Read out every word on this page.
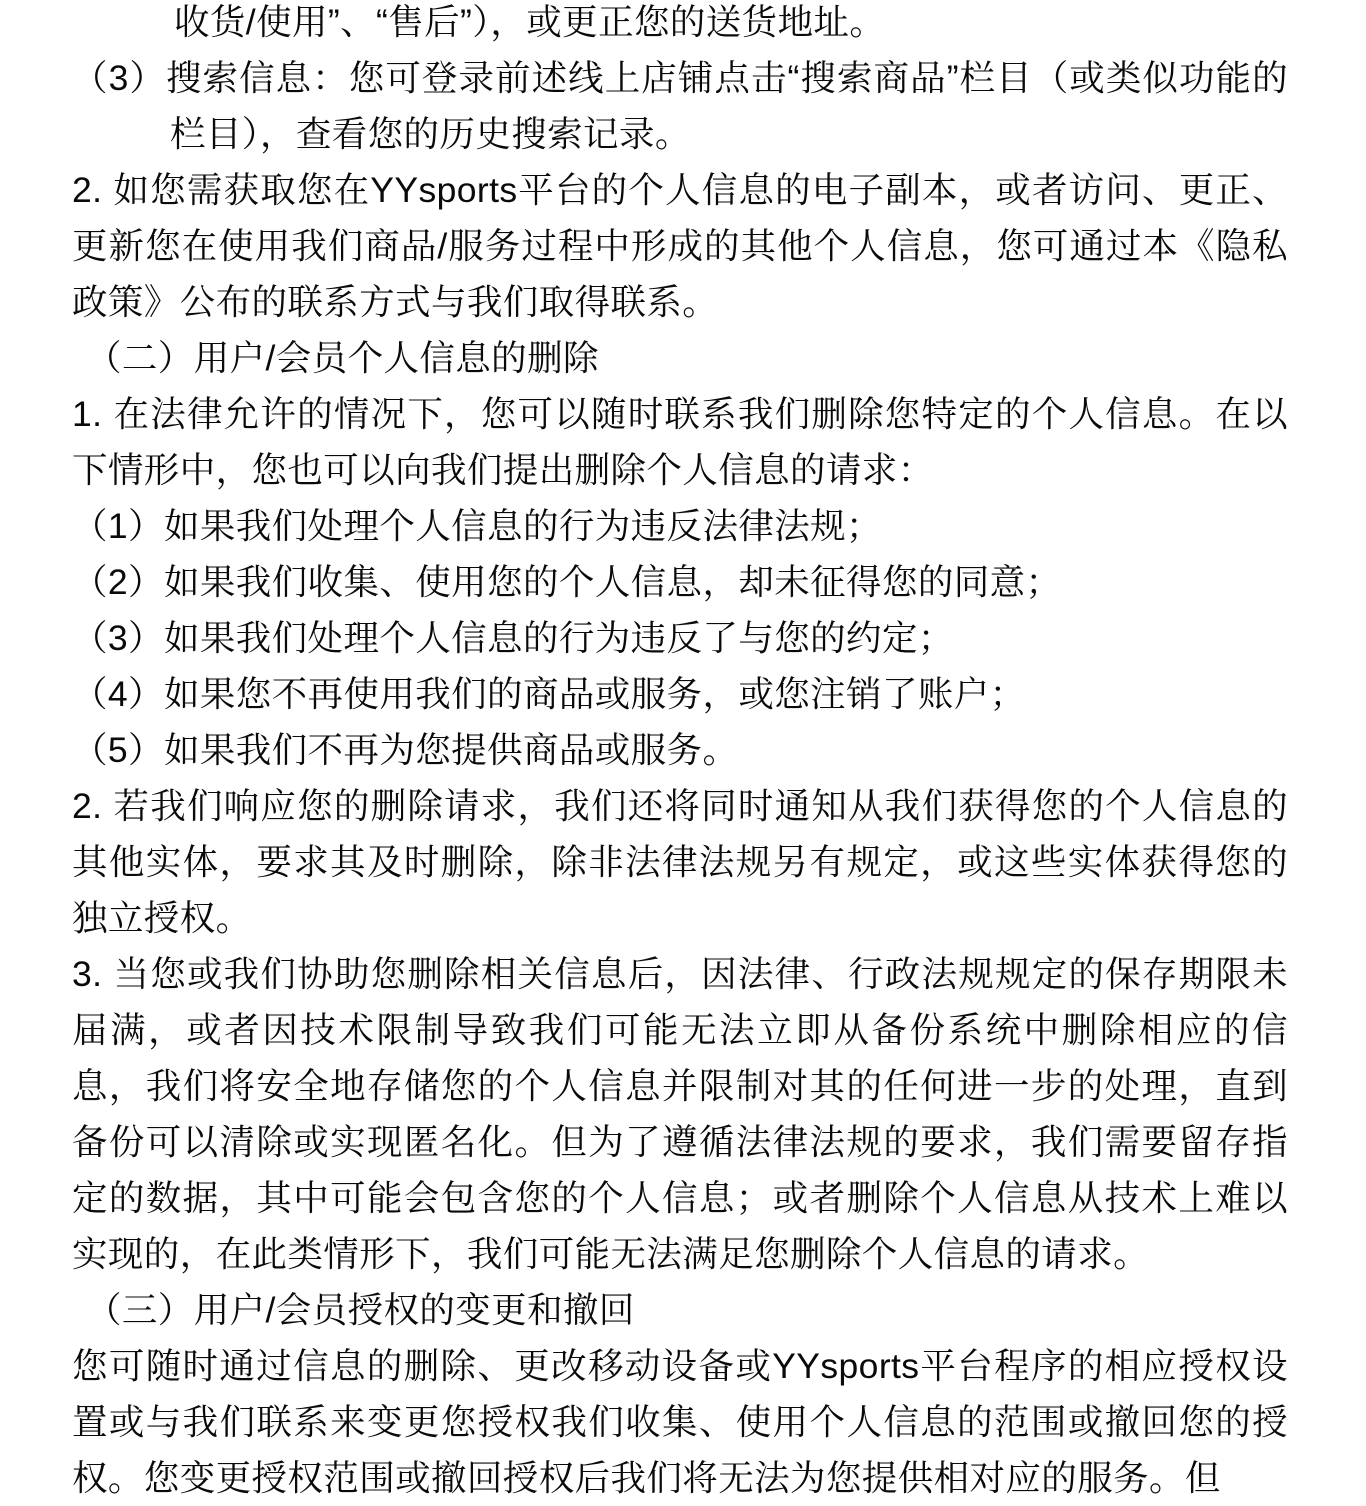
收货/使用”、“售后”），或更正您的送货地址。

（3）搜索信息：您可登录前述线上店铺点击“搜索商品”栏目（或类似功能的栏目），查看您的历史搜索记录。

2. 如您需获取您在YYsports平台的个人信息的电子副本，或者访问、更正、更新您在使用我们商品/服务过程中形成的其他个人信息，您可通过本《隐私政策》公布的联系方式与我们取得联系。

（二）用户/会员个人信息的删除

1. 在法律允许的情况下，您可以随时联系我们删除您特定的个人信息。在以下情形中，您也可以向我们提出删除个人信息的请求：

（1）如果我们处理个人信息的行为违反法律法规；

（2）如果我们收集、使用您的个人信息，却未征得您的同意；

（3）如果我们处理个人信息的行为违反了与您的约定；

（4）如果您不再使用我们的商品或服务，或您注销了账户；

（5）如果我们不再为您提供商品或服务。

2. 若我们响应您的删除请求，我们还将同时通知从我们获得您的个人信息的其他实体，要求其及时删除，除非法律法规另有规定，或这些实体获得您的独立授权。

3. 当您或我们协助您删除相关信息后，因法律、行政法规规定的保存期限未届满，或者因技术限制导致我们可能无法立即从备份系统中删除相应的信息，我们将安全地存储您的个人信息并限制对其的任何进一步的处理，直到备份可以清除或实现匿名化。但为了遵循法律法规的要求，我们需要留存指定的数据，其中可能会包含您的个人信息；或者删除个人信息从技术上难以实现的，在此类情形下，我们可能无法满足您删除个人信息的请求。

（三）用户/会员授权的变更和撤回

您可随时通过信息的删除、更改移动设备或YYsports平台程序的相应授权设置或与我们联系来变更您授权我们收集、使用个人信息的范围或撤回您的授权。您变更授权范围或撤回授权后我们将无法为您提供相对应的服务。但
